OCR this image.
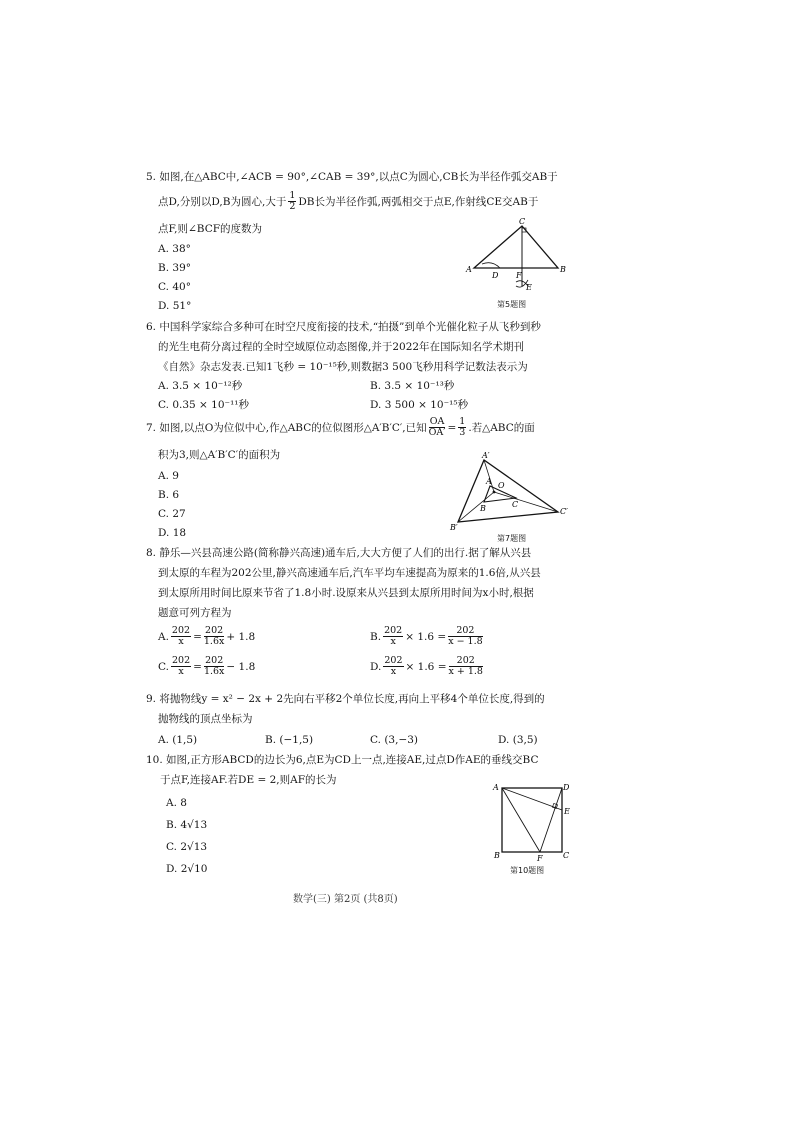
5. 如图,在△ABC中,∠ACB = 90°,∠CAB = 39°,以点C为圆心,CB长为半径作弧交AB于
点D,分别以D,B为圆心,大于 $\frac{1}{2}$ DB长为半径作弧,两弧相交于点E,作射线CE交AB于
点F,则∠BCF的度数为
A. 38°
B. 39°
C. 40°
D. 51°
A	B
C
D F
E
第5题图
6. 中国科学家综合多种可在时空尺度衔接的技术,“拍摄”到单个光催化粒子从飞秒到秒
的光生电荷分离过程的全时空域原位动态图像,并于2022年在国际知名学术期刊
《自然》杂志发表.已知1飞秒 = 10⁻¹⁵秒,则数据3 500飞秒用科学记数法表示为
A. 3.5 × 10⁻¹²秒	B. 3.5 × 10⁻¹³秒
C. 0.35 × 10⁻¹¹秒	D. 3 500 × 10⁻¹⁵秒
7. 如图,以点O为位似中心,作△ABC的位似图形△A′B′C′,已知 $\frac{OA}{OA'} = \frac{1}{3}$ .若△ABC的面
积为3,则△A′B′C′的面积为
A. 9
B. 6
C. 27
D. 18
A′
B′
C′
A
B	C
O
第7题图
8. 静乐—兴县高速公路(简称静兴高速)通车后,大大方便了人们的出行.据了解从兴县
到太原的车程为202公里,静兴高速通车后,汽车平均车速提高为原来的1.6倍,从兴县
到太原所用时间比原来节省了1.8小时.设原来从兴县到太原所用时间为x小时,根据
题意可列方程为
A. $\frac{202}{x} = \frac{202}{1.6x} + 1.8$	B. $\frac{202}{x} \times 1.6 = \frac{202}{x - 1.8}$
C. $\frac{202}{x} = \frac{202}{1.6x} - 1.8$	D. $\frac{202}{x} \times 1.6 = \frac{202}{x + 1.8}$
9. 将抛物线y = x² − 2x + 2先向右平移2个单位长度,再向上平移4个单位长度,得到的
抛物线的顶点坐标为
A. (1,5)	B. (−1,5)	C. (3,−3)	D. (3,5)
10. 如图,正方形ABCD的边长为6,点E为CD上一点,连接AE,过点D作AE的垂线交BC
于点F,连接AF.若DE = 2,则AF的长为
A. 8
B. 4√13
C. 2√13
D. 2√10
A
B	C
D
E
F
第10题图
数学(三) 第2页 (共8页)
